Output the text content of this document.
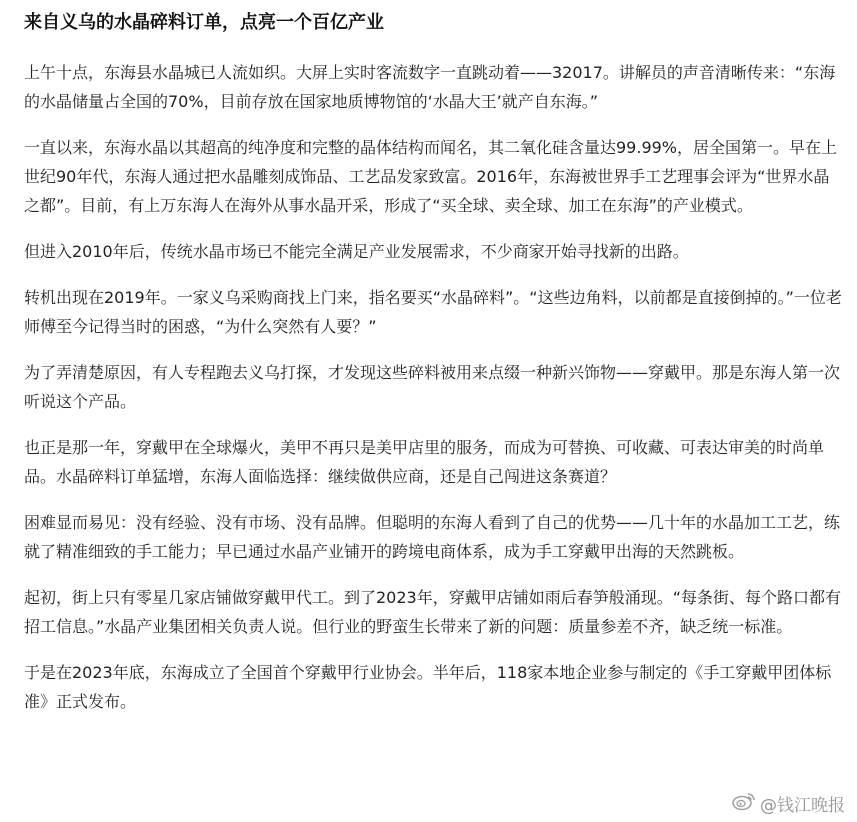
来自义乌的水晶碎料订单，点亮一个百亿产业

上午十点，东海县水晶城已人流如织。大屏上实时客流数字一直跳动着——32017。讲解员的声音清晰传来：“东海的水晶储量占全国的70%，目前存放在国家地质博物馆的‘水晶大王’就产自东海。”

一直以来，东海水晶以其超高的纯净度和完整的晶体结构而闻名，其二氧化硅含量达99.99%，居全国第一。早在上世纪90年代，东海人通过把水晶雕刻成饰品、工艺品发家致富。2016年，东海被世界手工艺理事会评为“世界水晶之都”。目前，有上万东海人在海外从事水晶开采，形成了“买全球、卖全球、加工在东海”的产业模式。

但进入2010年后，传统水晶市场已不能完全满足产业发展需求，不少商家开始寻找新的出路。

转机出现在2019年。一家义乌采购商找上门来，指名要买“水晶碎料”。“这些边角料，以前都是直接倒掉的。”一位老师傅至今记得当时的困惑，“为什么突然有人要？”

为了弄清楚原因，有人专程跑去义乌打探，才发现这些碎料被用来点缀一种新兴饰物——穿戴甲。那是东海人第一次听说这个产品。

也正是那一年，穿戴甲在全球爆火，美甲不再只是美甲店里的服务，而成为可替换、可收藏、可表达审美的时尚单品。水晶碎料订单猛增，东海人面临选择：继续做供应商，还是自己闯进这条赛道？

困难显而易见：没有经验、没有市场、没有品牌。但聪明的东海人看到了自己的优势——几十年的水晶加工工艺，练就了精准细致的手工能力；早已通过水晶产业铺开的跨境电商体系，成为手工穿戴甲出海的天然跳板。

起初，街上只有零星几家店铺做穿戴甲代工。到了2023年，穿戴甲店铺如雨后春笋般涌现。“每条街、每个路口都有招工信息。”水晶产业集团相关负责人说。但行业的野蛮生长带来了新的问题：质量参差不齐，缺乏统一标准。

于是在2023年底，东海成立了全国首个穿戴甲行业协会。半年后，118家本地企业参与制定的《手工穿戴甲团体标准》正式发布。

@钱江晚报
